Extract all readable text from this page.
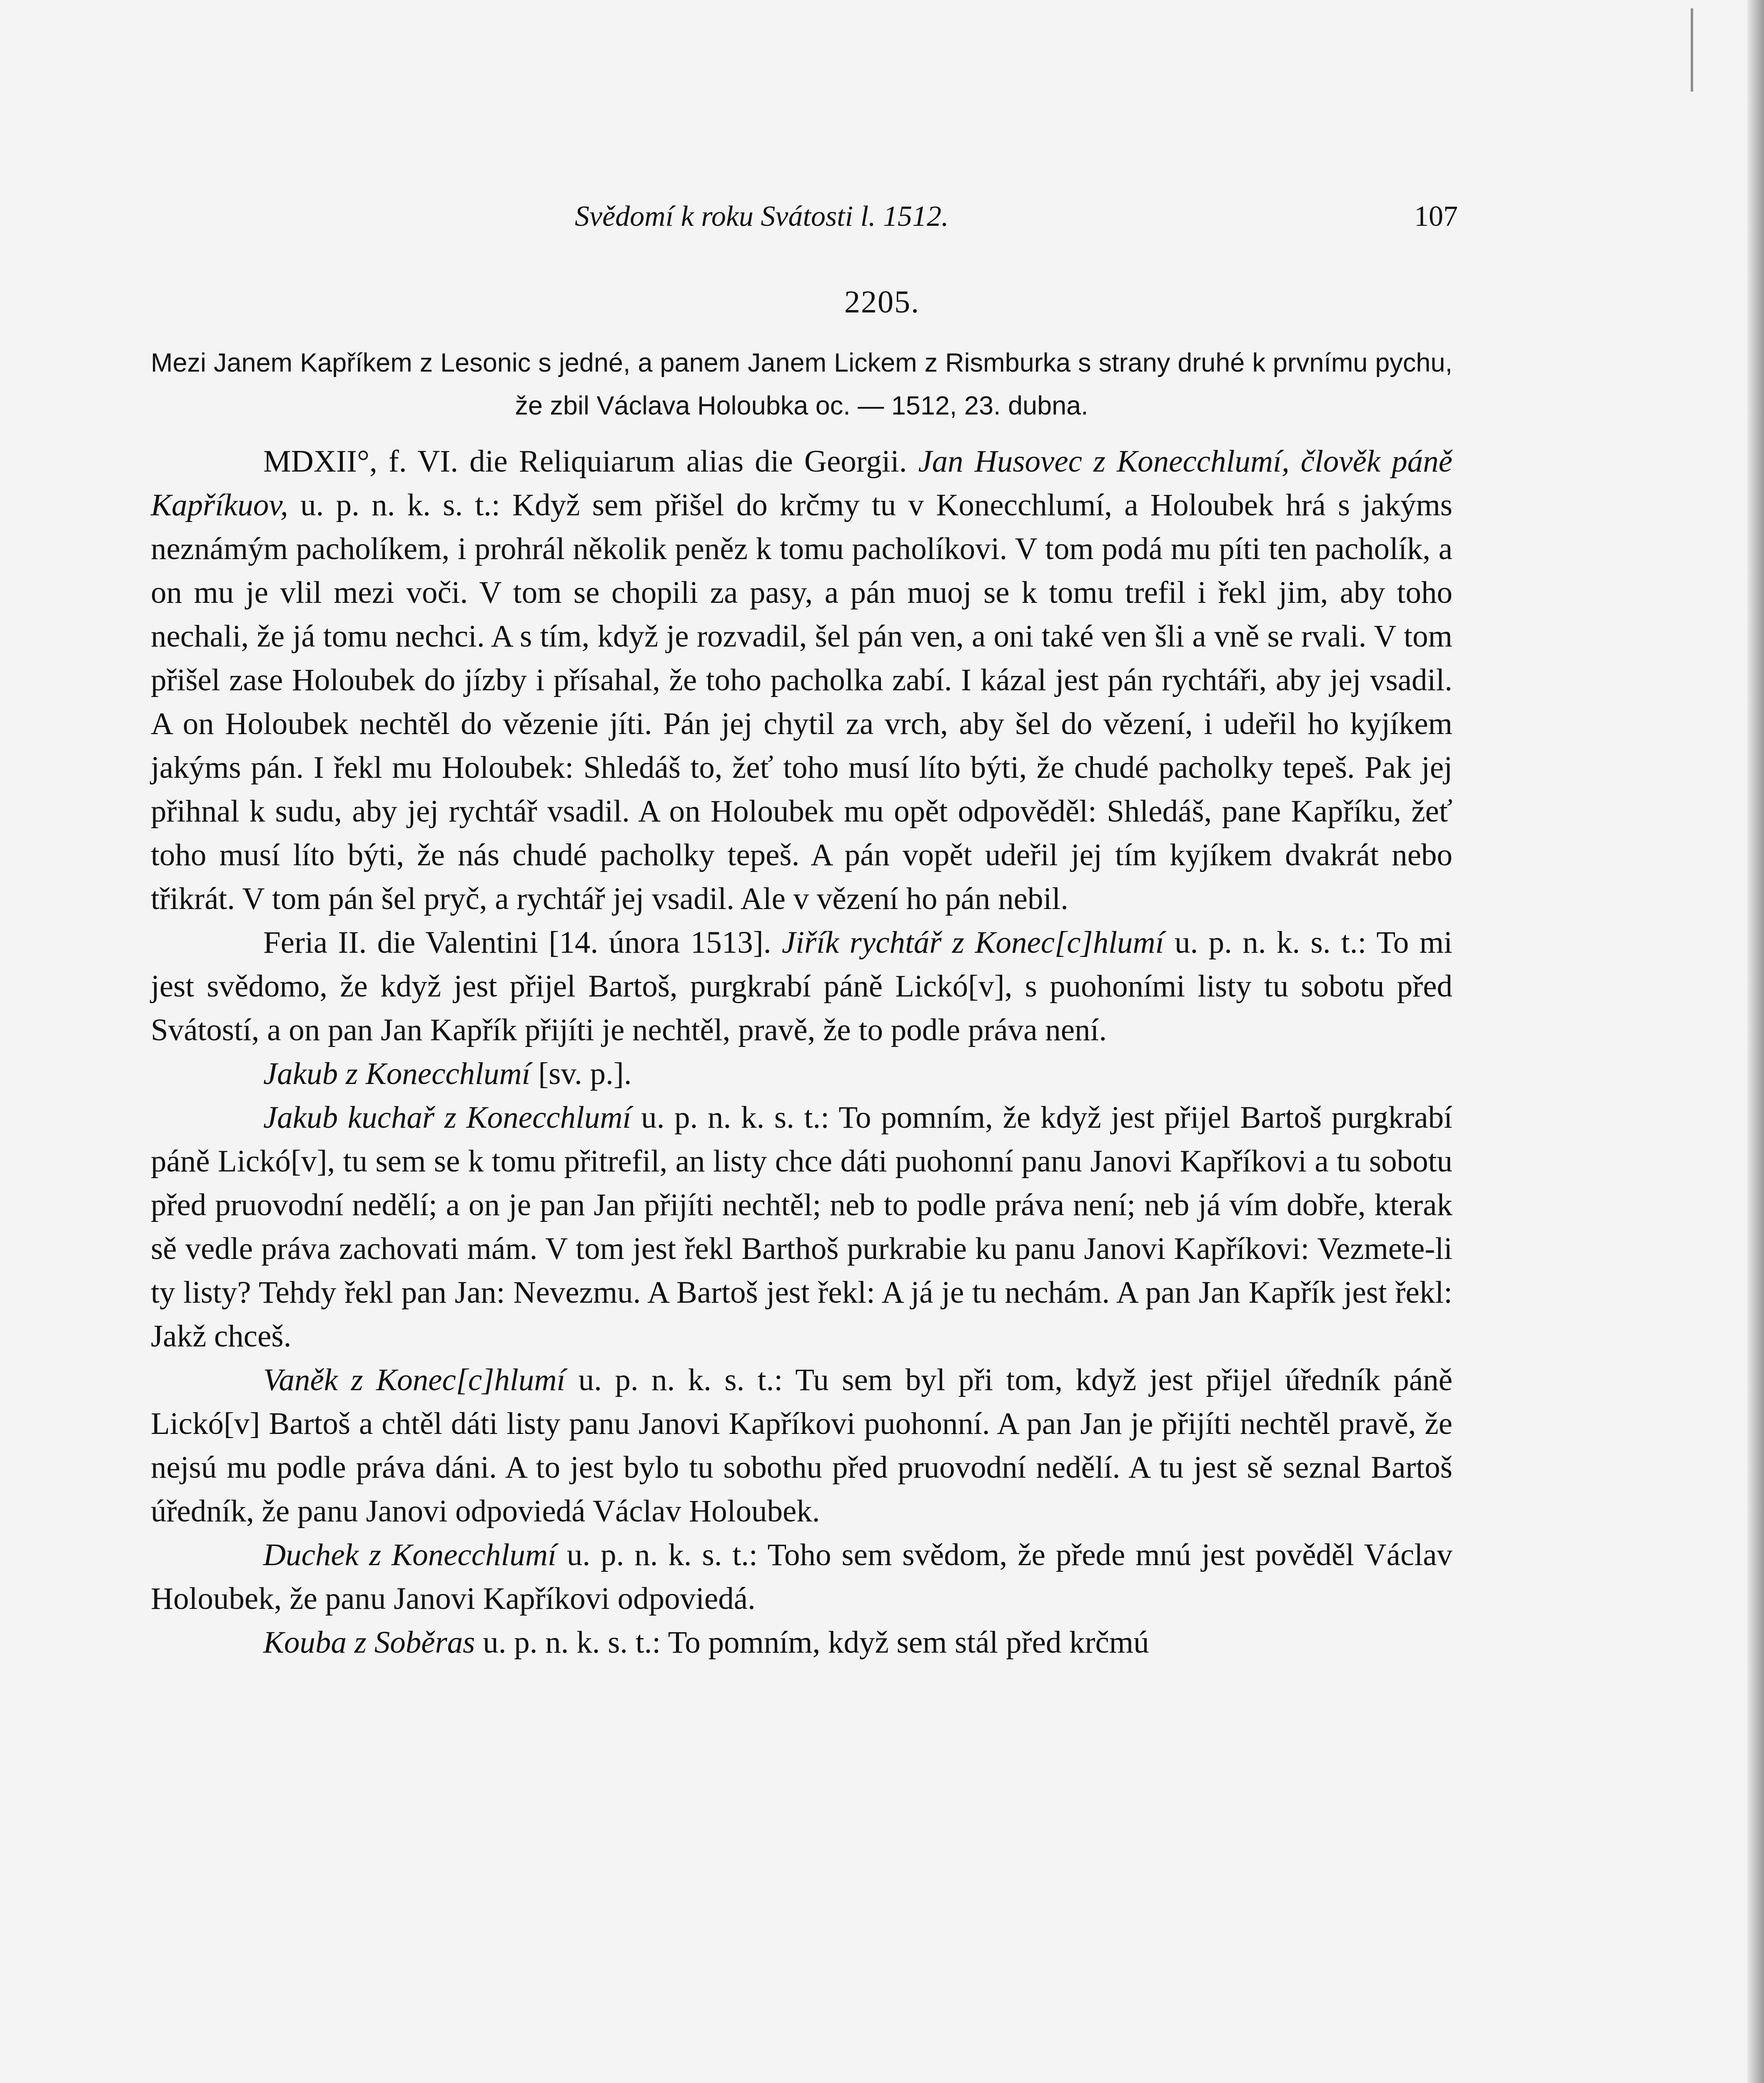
Svědomí k roku Svátosti l. 1512.	107
2205.
Mezi Janem Kapříkem z Lesonic s jedné, a panem Janem Lickem z Rismburka s strany druhé k prvnímu pychu, že zbil Václava Holoubka oc. — 1512, 23. dubna.

MDXII°, f. VI. die Reliquiarum alias die Georgii. Jan Husovec z Konecchlumí, člověk páně Kapříkuov, u. p. n. k. s. t.: Když sem přišel do krčmy tu v Konecchlumí, a Holoubek hrá s jakýms neznámým pacholíkem, i prohrál několik peněz k tomu pacholíkovi. V tom podá mu píti ten pacholík, a on mu je vlil mezi voči. V tom se chopili za pasy, a pán muoj se k tomu trefil i řekl jim, aby toho nechali, že já tomu nechci. A s tím, když je rozvadil, šel pán ven, a oni také ven šli a vně se rvali. V tom přišel zase Holoubek do jízby i přísahal, že toho pacholka zabí. I kázal jest pán rychtáři, aby jej vsadil. A on Holoubek nechtěl do vězenie jíti. Pán jej chytil za vrch, aby šel do vězení, i udeřil ho kyjíkem jakýms pán. I řekl mu Holoubek: Shledáš to, žeť toho musí líto býti, že chudé pacholky tepeš. Pak jej přihnal k sudu, aby jej rychtář vsadil. A on Holoubek mu opět odpověděl: Shledáš, pane Kapříku, žeť toho musí líto býti, že nás chudé pacholky tepeš. A pán vopět udeřil jej tím kyjíkem dvakrát nebo třikrát. V tom pán šel pryč, a rychtář jej vsadil. Ale v vězení ho pán nebil.

Feria II. die Valentini [14. února 1513]. Jiřík rychtář z Konec[c]hlumí u. p. n. k. s. t.: To mi jest svědomo, že když jest přijel Bartoš, purgkrabí páně Lickó[v], s puohoními listy tu sobotu před Svátostí, a on pan Jan Kapřík přijíti je nechtěl, pravě, že to podle práva není.

Jakub z Konecchlumí [sv. p.].

Jakub kuchař z Konecchlumí u. p. n. k. s. t.: To pomním, že když jest přijel Bartoš purgkrabí páně Lickó[v], tu sem se k tomu přitrefil, an listy chce dáti puohonní panu Janovi Kapříkovi a tu sobotu před pruovodní nedělí; a on je pan Jan přijíti nechtěl; neb to podle práva není; neb já vím dobře, kterak sě vedle práva zachovati mám. V tom jest řekl Barthoš purkrabie ku panu Janovi Kapříkovi: Vezmete-li ty listy? Tehdy řekl pan Jan: Nevezmu. A Bartoš jest řekl: A já je tu nechám. A pan Jan Kapřík jest řekl: Jakž chceš.

Vaněk z Konec[c]hlumí u. p. n. k. s. t.: Tu sem byl při tom, když jest přijel úředník páně Lickó[v] Bartoš a chtěl dáti listy panu Janovi Kapříkovi puohonní. A pan Jan je přijíti nechtěl pravě, že nejsú mu podle práva dáni. A to jest bylo tu sobothu před pruovodní nedělí. A tu jest sě seznal Bartoš úředník, že panu Janovi odpoviedá Václav Holoubek.

Duchek z Konecchlumí u. p. n. k. s. t.: Toho sem svědom, že přede mnú jest pověděl Václav Holoubek, že panu Janovi Kapříkovi odpoviedá.

Kouba z Soběras u. p. n. k. s. t.: To pomním, když sem stál před krčmú
